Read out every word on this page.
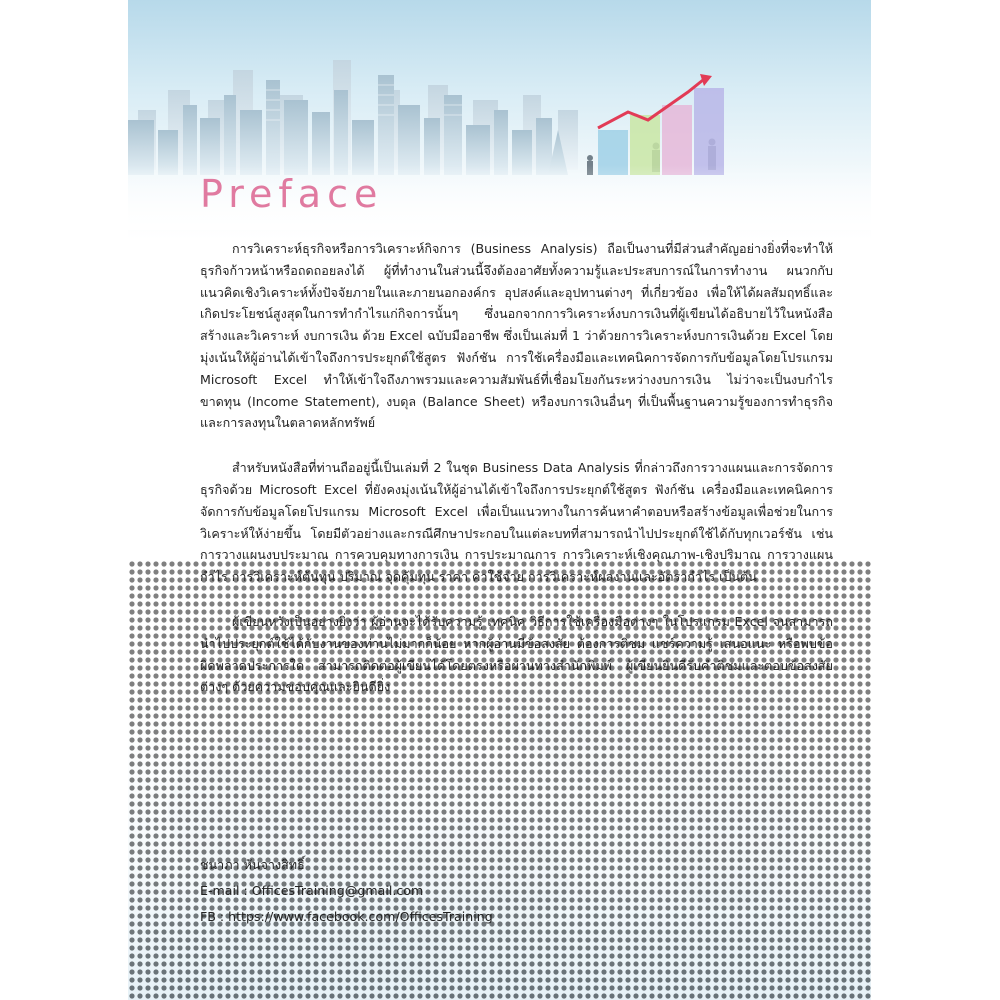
Preface

การวิเคราะห์ธุรกิจหรือการวิเคราะห์กิจการ (Business Analysis) ถือเป็นงานที่มีส่วนสำคัญอย่างยิ่งที่จะทำให้ธุรกิจก้าวหน้าหรือถดถอยลงได้ ผู้ที่ทำงานในส่วนนี้จึงต้องอาศัยทั้งความรู้และประสบการณ์ในการทำงาน ผนวกกับแนวคิดเชิงวิเคราะห์ทั้งปัจจัยภายในและภายนอกองค์กร อุปสงค์และอุปทานต่างๆ ที่เกี่ยวข้อง เพื่อให้ได้ผลสัมฤทธิ์และเกิดประโยชน์สูงสุดในการทำกำไรแก่กิจการนั้นๆ ซึ่งนอกจากการวิเคราะห์งบการเงินที่ผู้เขียนได้อธิบายไว้ในหนังสือสร้างและวิเคราะห์ งบการเงิน ด้วย Excel ฉบับมืออาชีพ ซึ่งเป็นเล่มที่ 1 ว่าด้วยการวิเคราะห์งบการเงินด้วย Excel โดยมุ่งเน้นให้ผู้อ่านได้เข้าใจถึงการประยุกต์ใช้สูตร ฟังก์ชัน การใช้เครื่องมือและเทคนิคการจัดการกับข้อมูลโดยโปรแกรม Microsoft Excel ทำให้เข้าใจถึงภาพรวมและความสัมพันธ์ที่เชื่อมโยงกันระหว่างงบการเงิน ไม่ว่าจะเป็นงบกำไรขาดทุน (Income Statement), งบดุล (Balance Sheet) หรืองบการเงินอื่นๆ ที่เป็นพื้นฐานความรู้ของการทำธุรกิจและการลงทุนในตลาดหลักทรัพย์

สำหรับหนังสือที่ท่านถืออยู่นี้เป็นเล่มที่ 2 ในชุด Business Data Analysis ที่กล่าวถึงการวางแผนและการจัดการธุรกิจด้วย Microsoft Excel ที่ยังคงมุ่งเน้นให้ผู้อ่านได้เข้าใจถึงการประยุกต์ใช้สูตร ฟังก์ชัน เครื่องมือและเทคนิคการจัดการกับข้อมูลโดยโปรแกรม Microsoft Excel เพื่อเป็นแนวทางในการค้นหาคำตอบหรือสร้างข้อมูลเพื่อช่วยในการวิเคราะห์ให้ง่ายขึ้น โดยมีตัวอย่างและกรณีศึกษาประกอบในแต่ละบทที่สามารถนำไปประยุกต์ใช้ได้กับทุกเวอร์ชัน เช่น การวางแผนงบประมาณ การควบคุมทางการเงิน การประมาณการ การวิเคราะห์เชิงคุณภาพ-เชิงปริมาณ การวางแผนกำไร การวิเคราะห์ต้นทุน ปริมาณ จุดคุ้มทุน ราคา ค่าใช้จ่าย การวิเคราะห์ผลงานและอัตรากำไร เป็นต้น

ผู้เขียนหวังเป็นอย่างยิ่งว่า ผู้อ่านจะได้รับความรู้ เทคนิค วิธีการใช้เครื่องมือต่างๆ ในโปรแกรม Excel จนสามารถนำไปประยุกต์ใช้ได้กับงานของท่านไม่มากก็น้อย หากผู้อ่านมีข้อสงสัย ต้องการติชม แชร์ความรู้ เสนอแนะ หรือพบข้อผิดพลาดประการใด สามารถติดต่อผู้เขียนได้โดยตรงหรือผ่านทางสำนักพิมพ์ ผู้เขียนยินดีรับคำติชมและตอบข้อสงสัยต่างๆ ด้วยความขอบคุณและยินดียิ่ง

ชนาภา หันจางสิทธิ์
E-mail : OfficesTraining@gmail.com
FB : https://www.facebook.com/OfficesTraining
